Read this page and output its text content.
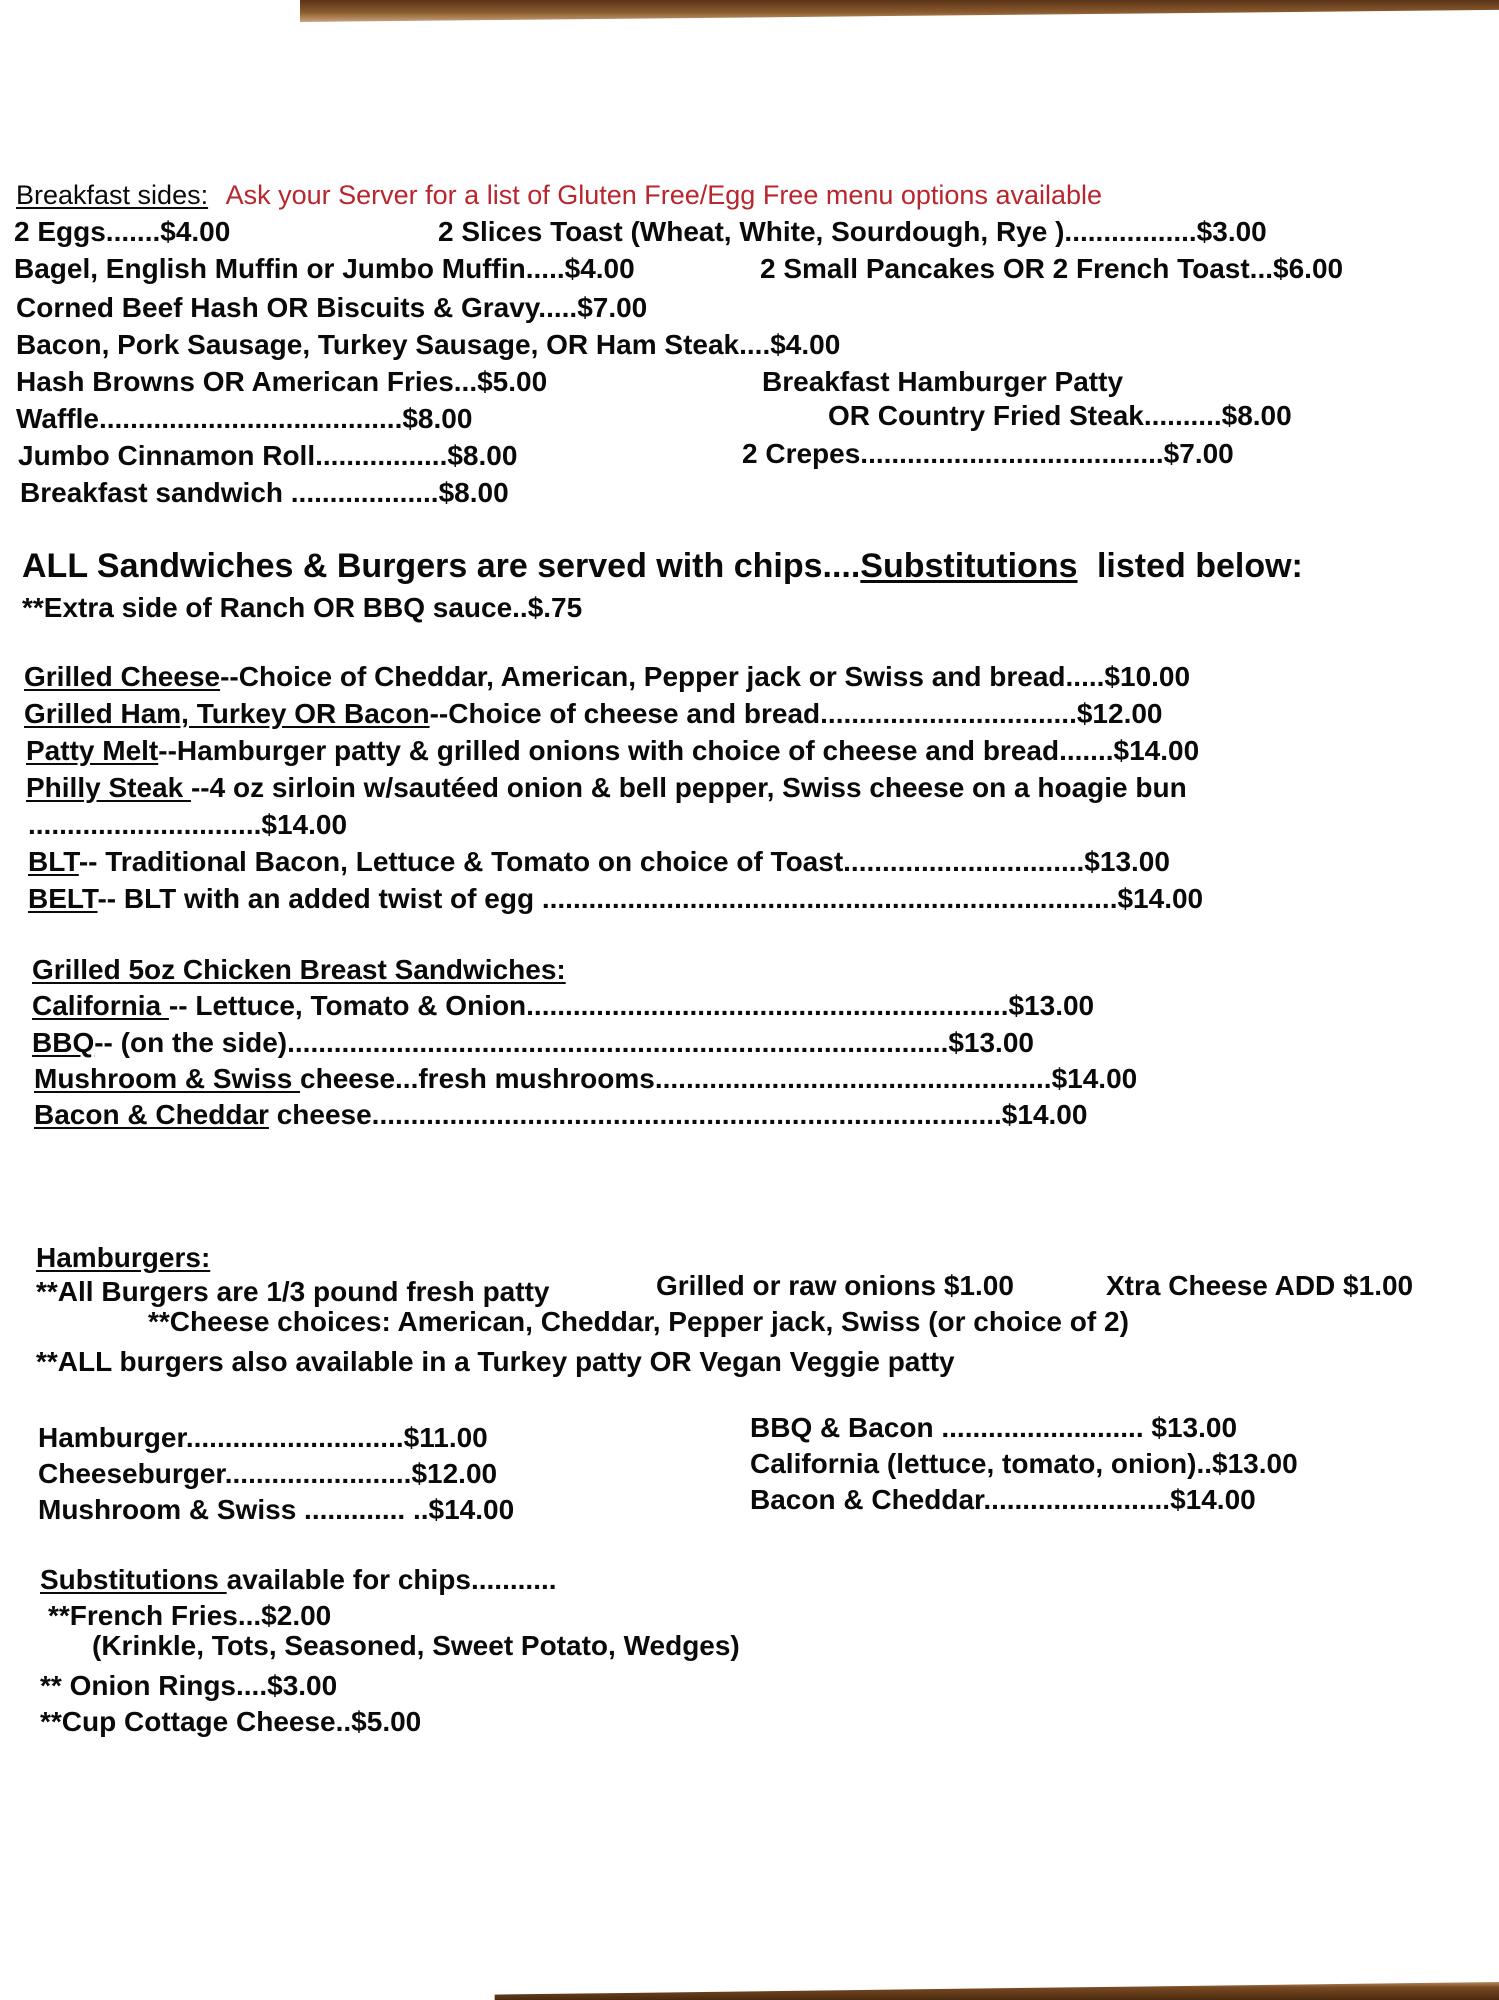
Breakfast sides: Ask your Server for a list of Gluten Free/Egg Free menu options available
2 Eggs.......$4.00	2 Slices Toast (Wheat, White, Sourdough, Rye ).................$3.00
Bagel, English Muffin or Jumbo Muffin.....$4.00	2 Small Pancakes OR 2 French Toast...$6.00
Corned Beef Hash OR Biscuits & Gravy.....$7.00
Bacon, Pork Sausage, Turkey Sausage, OR Ham Steak....$4.00
Hash Browns OR American Fries...$5.00	Breakfast Hamburger Patty
Waffle.......................................$8.00	OR Country Fried Steak..........$8.00
Jumbo Cinnamon Roll.................$8.00	2 Crepes.......................................$7.00
Breakfast sandwich ...................$8.00
ALL Sandwiches & Burgers are served with chips....Substitutions listed below:
**Extra side of Ranch OR BBQ sauce..$.75
Grilled Cheese--Choice of Cheddar, American, Pepper jack or Swiss and bread.....$10.00
Grilled Ham, Turkey OR Bacon--Choice of cheese and bread.................................$12.00
Patty Melt--Hamburger patty & grilled onions with choice of cheese and bread.......$14.00
Philly Steak --4 oz sirloin w/sautéed onion & bell pepper, Swiss cheese on a hoagie bun
..............................$14.00
BLT-- Traditional Bacon, Lettuce & Tomato on choice of Toast...............................$13.00
BELT-- BLT with an added twist of egg ..........................................................................$14.00
Grilled 5oz Chicken Breast Sandwiches:
California -- Lettuce, Tomato & Onion..............................................................$13.00
BBQ-- (on the side).....................................................................................$13.00
Mushroom & Swiss cheese...fresh mushrooms...................................................$14.00
Bacon & Cheddar cheese.................................................................................$14.00
Hamburgers:
**All Burgers are 1/3 pound fresh patty	Grilled or raw onions $1.00	Xtra Cheese ADD $1.00
**Cheese choices: American, Cheddar, Pepper jack, Swiss (or choice of 2)
**ALL burgers also available in a Turkey patty OR Vegan Veggie patty
Hamburger............................$11.00
Cheeseburger........................$12.00
Mushroom & Swiss ............. ..$14.00
BBQ & Bacon .......................... $13.00
California (lettuce, tomato, onion)..$13.00
Bacon & Cheddar........................$14.00
Substitutions available for chips...........
**French Fries...$2.00
(Krinkle, Tots, Seasoned, Sweet Potato, Wedges)
** Onion Rings....$3.00
**Cup Cottage Cheese..$5.00
